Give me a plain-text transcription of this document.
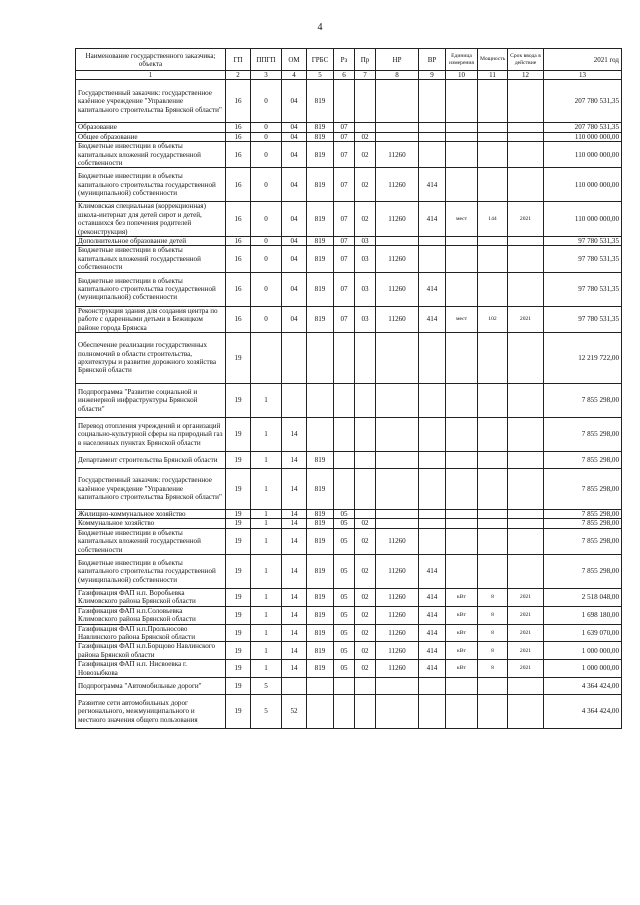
4
Наименование государственного заказчика; объекта	ГП	ППГП	ОМ	ГРБС	Рз	Пр	НР	ВР	Единица измерения	Мощность	Срок ввода в действие	2021 год
1	2	3	4	5	6	7	8	9	10	11	12	13
Государственный заказчик: государственное казённое учреждение "Управление капитального строительства Брянской области"	16	0	04	819								207 780 531,35
Образование	16	0	04	819	07							207 780 531,35
Общее образование	16	0	04	819	07	02						110 000 000,00
Бюджетные инвестиции в объекты капитальных вложений государственной собственности	16	0	04	819	07	02	11260					110 000 000,00
Бюджетные инвестиции в объекты капитального строительства государственной (муниципальной) собственности	16	0	04	819	07	02	11260	414				110 000 000,00
Климовская специальная (коррекционная) школа-интернат для детей сирот и детей, оставшихся без попечения родителей (реконструкция)	16	0	04	819	07	02	11260	414	мест	144	2021	110 000 000,00
Дополнительное образование детей	16	0	04	819	07	03						97 780 531,35
Бюджетные инвестиции в объекты капитальных вложений государственной собственности	16	0	04	819	07	03	11260					97 780 531,35
Бюджетные инвестиции в объекты капитального строительства государственной (муниципальной) собственности	16	0	04	819	07	03	11260	414				97 780 531,35
Реконструкция здания для создания центра по работе с одаренными детьми в Бежицком районе города Брянска	16	0	04	819	07	03	11260	414	мест	102	2021	97 780 531,35
Обеспечение реализации государственных полномочий в области строительства, архитектуры и развитие дорожного хозяйства Брянской области	19											12 219 722,00
Подпрограмма "Развитие социальной и инженерной инфраструктуры Брянской области"	19	1										7 855 298,00
Перевод отопления учреждений и организаций социально-культурной сферы на природный газ в населенных пунктах Брянской области	19	1	14									7 855 298,00
Департамент строительства Брянской области	19	1	14	819								7 855 298,00
Государственный заказчик: государственное казённое учреждение "Управление капитального строительства Брянской области"	19	1	14	819								7 855 298,00
Жилищно-коммунальное хозяйство	19	1	14	819	05							7 855 298,00
Коммунальное хозяйство	19	1	14	819	05	02						7 855 298,00
Бюджетные инвестиции в объекты капитальных вложений государственной собственности	19	1	14	819	05	02	11260					7 855 298,00
Бюджетные инвестиции в объекты капитального строительства государственной (муниципальной) собственности	19	1	14	819	05	02	11260	414				7 855 298,00
Газификация ФАП н.п. Воробьевка Климовского района Брянской области	19	1	14	819	05	02	11260	414	кВт	8	2021	2 518 048,00
Газификация ФАП н.п.Соловьевка Климовского района Брянской области	19	1	14	819	05	02	11260	414	кВт	8	2021	1 698 180,00
Газификация ФАП н.п.Прольносово Навлинского района Брянской области	19	1	14	819	05	02	11260	414	кВт	8	2021	1 639 070,00
Газификация ФАП н.п.Борщово Навлинского района Брянской области	19	1	14	819	05	02	11260	414	кВт	8	2021	1 000 000,00
Газификация ФАП н.п. Нисвоевка г. Новозыбкова	19	1	14	819	05	02	11260	414	кВт	8	2021	1 000 000,00
Подпрограмма "Автомобильные дороги"	19	5										4 364 424,00
Развитие сети автомобильных дорог регионального, межмуниципального и местного значения общего пользования	19	5	52									4 364 424,00
